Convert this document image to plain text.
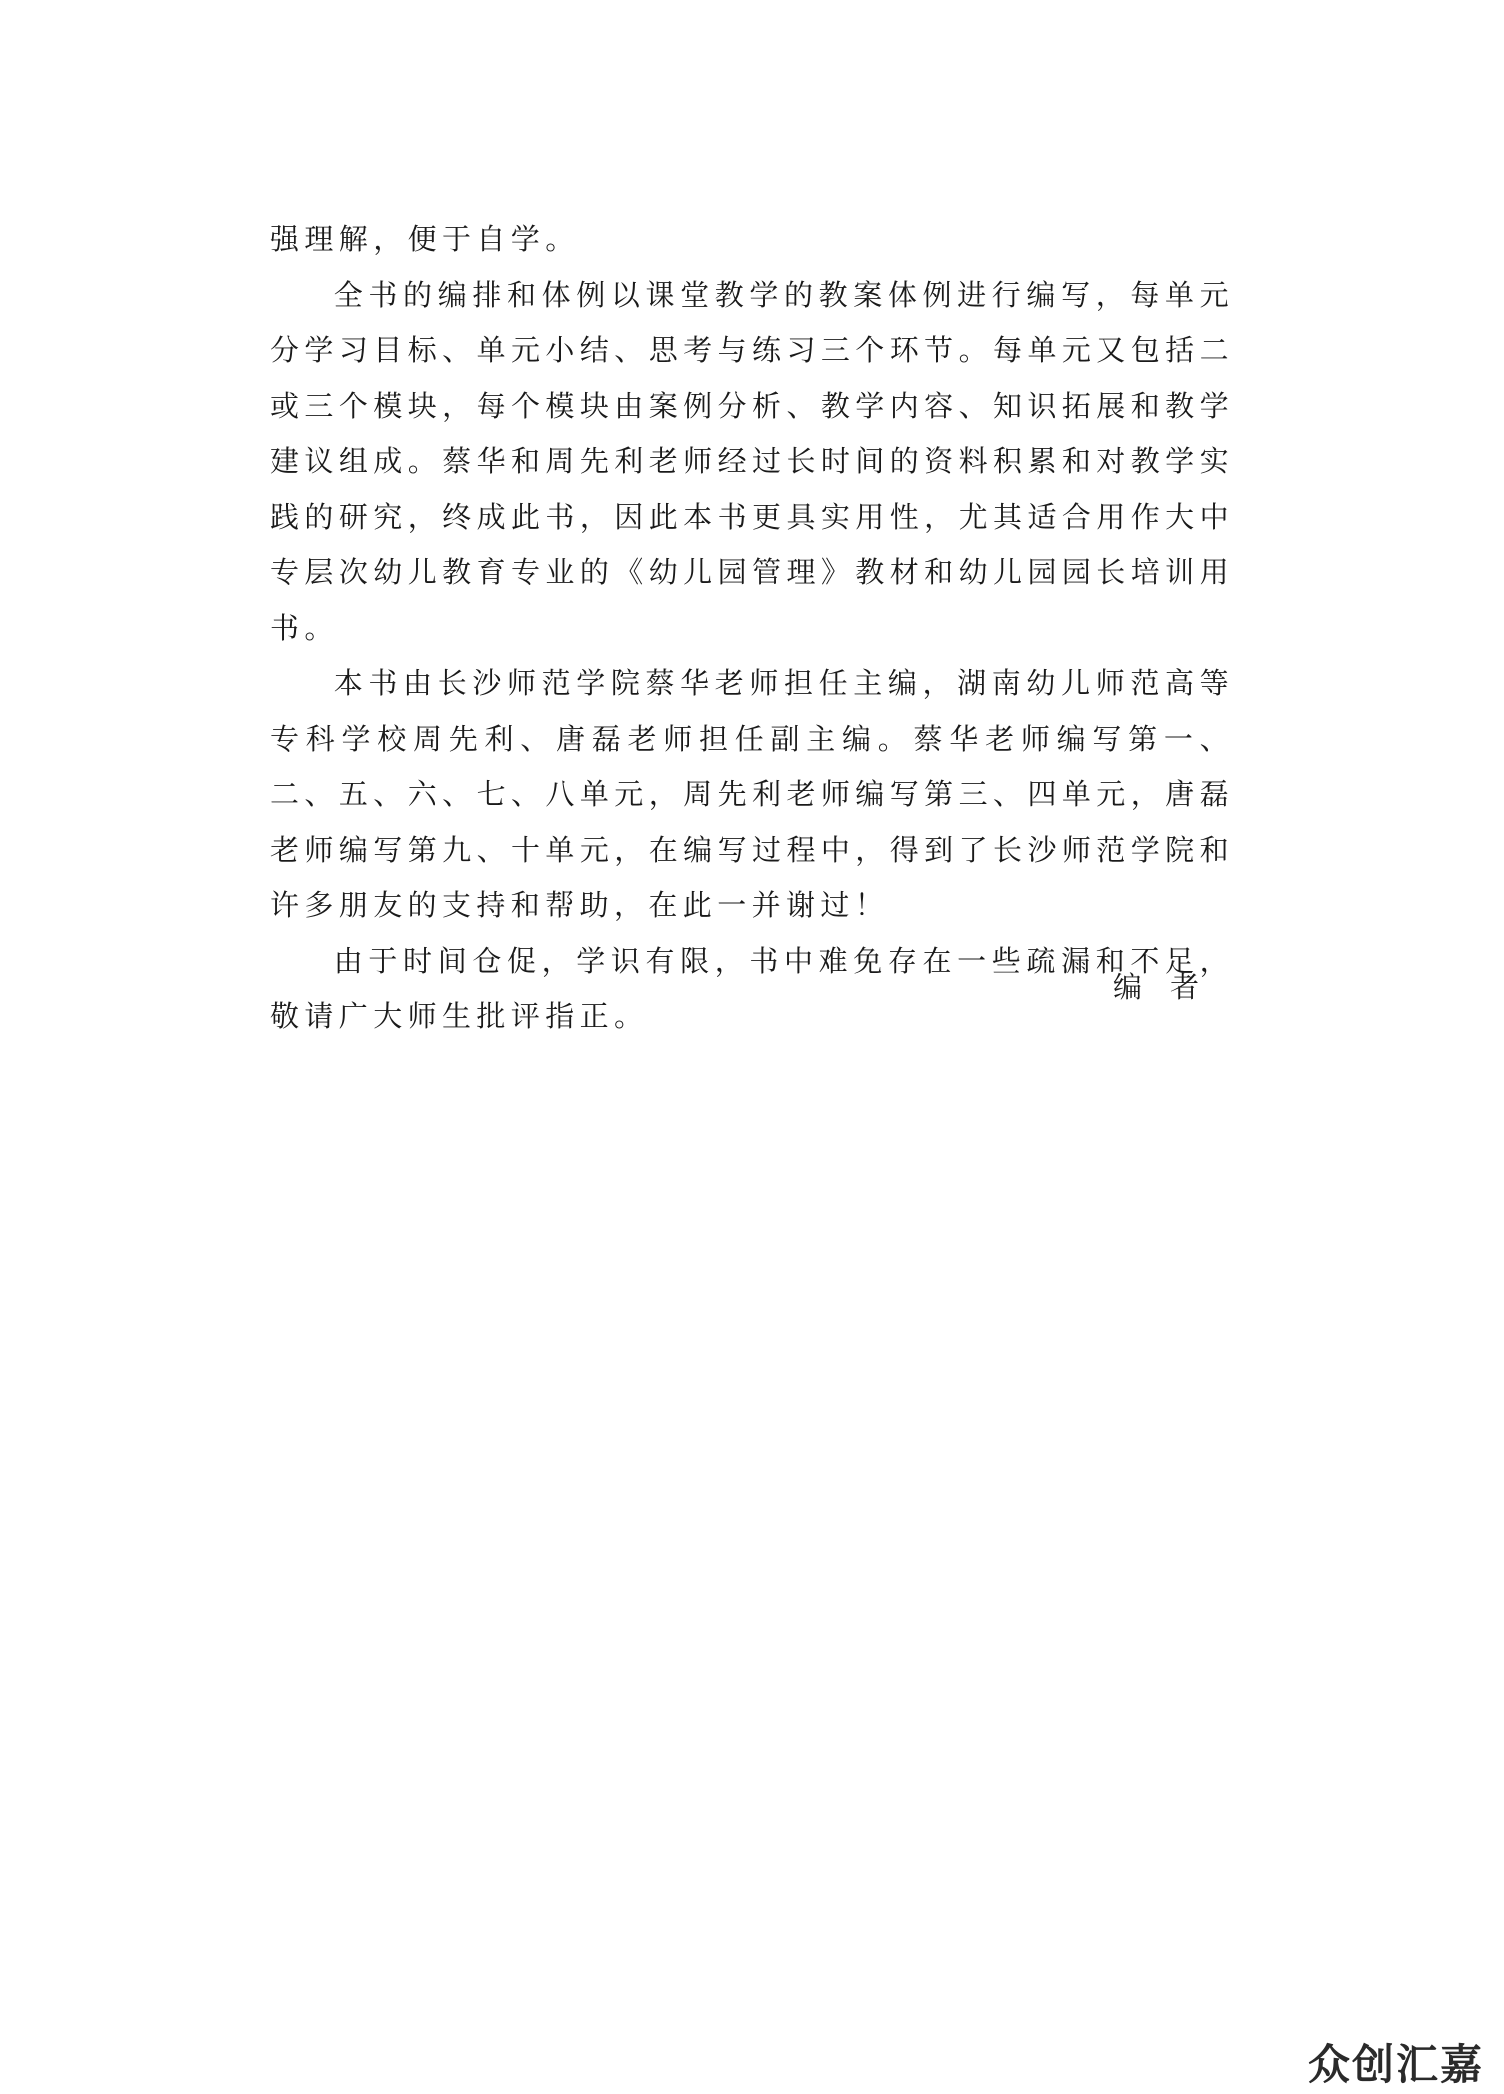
强理解，便于自学。

全书的编排和体例以课堂教学的教案体例进行编写，每单元分学习目标、单元小结、思考与练习三个环节。每单元又包括二或三个模块，每个模块由案例分析、教学内容、知识拓展和教学建议组成。蔡华和周先利老师经过长时间的资料积累和对教学实践的研究，终成此书，因此本书更具实用性，尤其适合用作大中专层次幼儿教育专业的《幼儿园管理》教材和幼儿园园长培训用书。

本书由长沙师范学院蔡华老师担任主编，湖南幼儿师范高等专科学校周先利、唐磊老师担任副主编。蔡华老师编写第一、二、五、六、七、八单元，周先利老师编写第三、四单元，唐磊老师编写第九、十单元，在编写过程中，得到了长沙师范学院和许多朋友的支持和帮助，在此一并谢过！

由于时间仓促，学识有限，书中难免存在一些疏漏和不足，敬请广大师生批评指正。

编者
众创汇嘉
